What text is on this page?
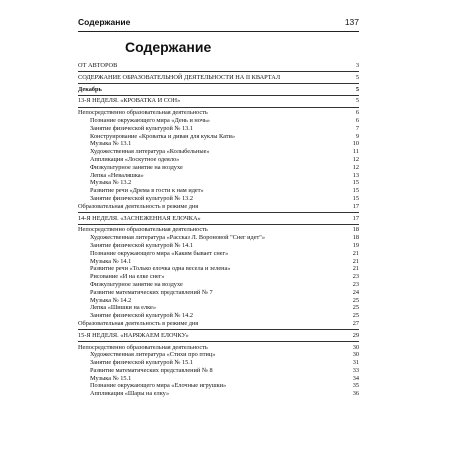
Содержание	137
Содержание
ОТ АВТОРОВ	3
СОДЕРЖАНИЕ ОБРАЗОВАТЕЛЬНОЙ ДЕЯТЕЛЬНОСТИ НА II КВАРТАЛ	5
Декабрь	5
13-Я НЕДЕЛЯ. «КРОВАТКА И СОН»	5
Непосредственно образовательная деятельность	6
Познание окружающего мира «День и ночь»	6
Занятие физической культурой № 13.1	7
Конструирование «Кроватка и диван для куклы Кати»	9
Музыка № 13.1	10
Художественная литература «Колыбельные»	11
Аппликация «Лоскутное одеяло»	12
Физкультурное занятие на воздухе	12
Лепка «Неваляшка»	13
Музыка № 13.2	15
Развитие речи «Дрема в гости к нам идет»	15
Занятие физической культурой № 13.2	15
Образовательная деятельность в режиме дня	17
14-Я НЕДЕЛЯ. «ЗАСНЕЖЕННАЯ ЕЛОЧКА»	17
Непосредственно образовательная деятельность	18
Художественная литература «Рассказ Л. Вороновой "Снег идет"»	18
Занятие физической культурой № 14.1	19
Познание окружающего мира «Каким бывает снег»	21
Музыка № 14.1	21
Развитие речи «Только елочка одна весела и зелена»	21
Рисование «И на елке снег»	23
Физкультурное занятие на воздухе	23
Развитие математических представлений № 7	24
Музыка № 14.2	25
Лепка «Шишки на елке»	25
Занятие физической культурой № 14.2	25
Образовательная деятельность в режиме дня	27
15-Я НЕДЕЛЯ. «НАРЯЖАЕМ ЕЛОЧКУ»	29
Непосредственно образовательная деятельность	30
Художественная литература «Стихи про птиц»	30
Занятие физической культурой № 15.1	31
Развитие математических представлений № 8	33
Музыка № 15.1	34
Познание окружающего мира «Елочные игрушки»	35
Аппликация «Шары на елку»	36
